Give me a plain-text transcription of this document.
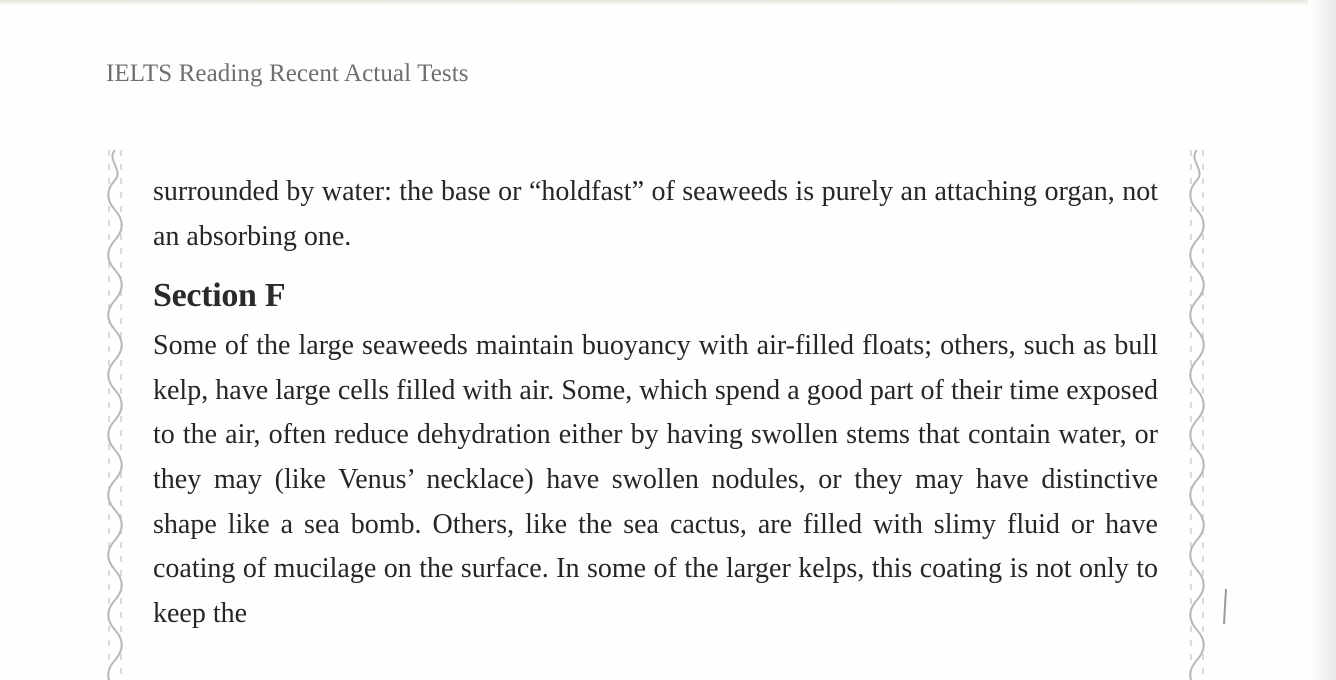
IELTS Reading Recent Actual Tests

surrounded by water: the base or “holdfast” of seaweeds is purely an attaching organ, not an absorbing one.

Section F

Some of the large seaweeds maintain buoyancy with air-filled floats; others, such as bull kelp, have large cells filled with air. Some, which spend a good part of their time exposed to the air, often reduce dehydration either by having swollen stems that contain water, or they may (like Venus’ necklace) have swollen nodules, or they may have distinctive shape like a sea bomb. Others, like the sea cactus, are filled with slimy fluid or have coating of mucilage on the surface. In some of the larger kelps, this coating is not only to keep the
